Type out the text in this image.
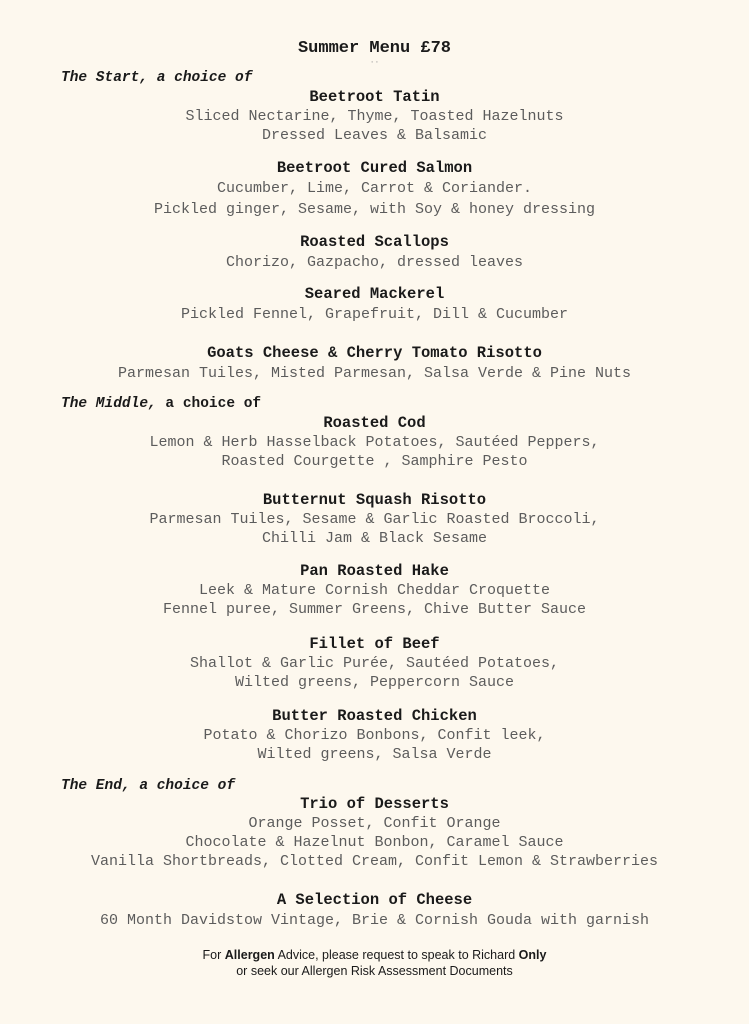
Summer Menu £78
··
The Start, a choice of
Beetroot Tatin
Sliced Nectarine, Thyme, Toasted Hazelnuts
Dressed Leaves & Balsamic
Beetroot Cured Salmon
Cucumber, Lime, Carrot & Coriander.
Pickled ginger, Sesame, with Soy & honey dressing
Roasted Scallops
Chorizo, Gazpacho, dressed leaves
Seared Mackerel
Pickled Fennel, Grapefruit, Dill & Cucumber
Goats Cheese & Cherry Tomato Risotto
Parmesan Tuiles, Misted Parmesan, Salsa Verde & Pine Nuts
The Middle, a choice of
Roasted Cod
Lemon & Herb Hasselback Potatoes, Sautéed Peppers,
Roasted Courgette , Samphire Pesto
Butternut Squash Risotto
Parmesan Tuiles, Sesame & Garlic Roasted Broccoli,
Chilli Jam & Black Sesame
Pan Roasted Hake
Leek & Mature Cornish Cheddar Croquette
Fennel puree, Summer Greens, Chive Butter Sauce
Fillet of Beef
Shallot & Garlic Purée, Sautéed Potatoes,
Wilted greens, Peppercorn Sauce
Butter Roasted Chicken
Potato & Chorizo Bonbons, Confit leek,
Wilted greens, Salsa Verde
The End, a choice of
Trio of Desserts
Orange Posset, Confit Orange
Chocolate & Hazelnut Bonbon, Caramel Sauce
Vanilla Shortbreads, Clotted Cream, Confit Lemon & Strawberries
A Selection of Cheese
60 Month Davidstow Vintage, Brie & Cornish Gouda with garnish
For Allergen Advice, please request to speak to Richard Only
or seek our Allergen Risk Assessment Documents
